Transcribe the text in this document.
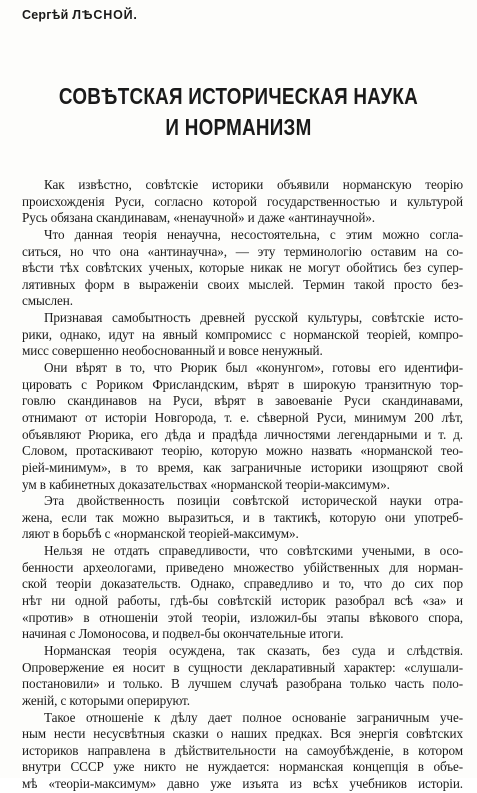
Сергѣй ЛѢСНОЙ.
СОВѢТСКАЯ ИСТОРИЧЕСКАЯ НАУКА
И НОРМАНИЗМ
Как извѣстно, совѣтскіе историки объявили норманскую теорію
происхожденія Руси, согласно которой государственностью и культурой
Русь обязана скандинавам, «ненаучной» и даже «антинаучной».
Что данная теорія ненаучна, несостоятельна, с этим можно согла-
ситься, но что она «антинаучна», — эту терминологію оставим на со-
вѣсти тѣх совѣтских ученых, которые никак не могут обойтись без супер-
лятивных форм в выраженіи своих мыслей. Термин такой просто без-
смыслен.
Признавая самобытность древней русской культуры, совѣтскіе исто-
рики, однако, идут на явный компромисс с норманской теоріей, компро-
мисс совершенно необоснованный и вовсе ненужный.
Они вѣрят в то, что Рюрик был «конунгом», готовы его идентифи-
цировать с Рориком Фрисландским, вѣрят в широкую транзитную тор-
говлю скандинавов на Руси, вѣрят в завоеваніе Руси скандинавами,
отнимают от исторіи Новгорода, т. е. сѣверной Руси, минимум 200 лѣт,
объявляют Рюрика, его дѣда и прадѣда личностями легендарными и т. д.
Словом, протаскивают теорію, которую можно назвать «норманской тео-
ріей-минимум», в то время, как заграничные историки изощряют свой
ум в кабинетных доказательствах «норманской теоріи-максимум».
Эта двойственность позиціи совѣтской исторической науки отра-
жена, если так можно выразиться, и в тактикѣ, которую они употреб-
ляют в борьбѣ с «норманской теоріей-максимум».
Нельзя не отдать справедливости, что совѣтскими учеными, в осо-
бенности археологами, приведено множество убійственных для норман-
ской теоріи доказательств. Однако, справедливо и то, что до сих пор
нѣт ни одной работы, гдѣ-бы совѣтскій историк разобрал всѣ «за» и
«против» в отношеніи этой теоріи, изложил-бы этапы вѣкового спора,
начиная с Ломоносова, и подвел-бы окончательные итоги.
Норманская теорія осуждена, так сказать, без суда и слѣдствія.
Опровержение ея носит в сущности декларативный характер: «слушали-
постановили» и только. В лучшем случаѣ разобрана только часть поло-
женій, с которыми оперируют.
Такое отношеніе к дѣлу дает полное основаніе заграничным уче-
ным нести несусвѣтныя сказки о наших предках. Вся энергія совѣтских
историков направлена в дѣйствительности на самоубѣжденіе, в котором
внутри СССР уже никто не нуждается: норманская концепція в объе-
мѣ «теоріи-максимум» давно уже изъята из всѣх учебников исторіи.
